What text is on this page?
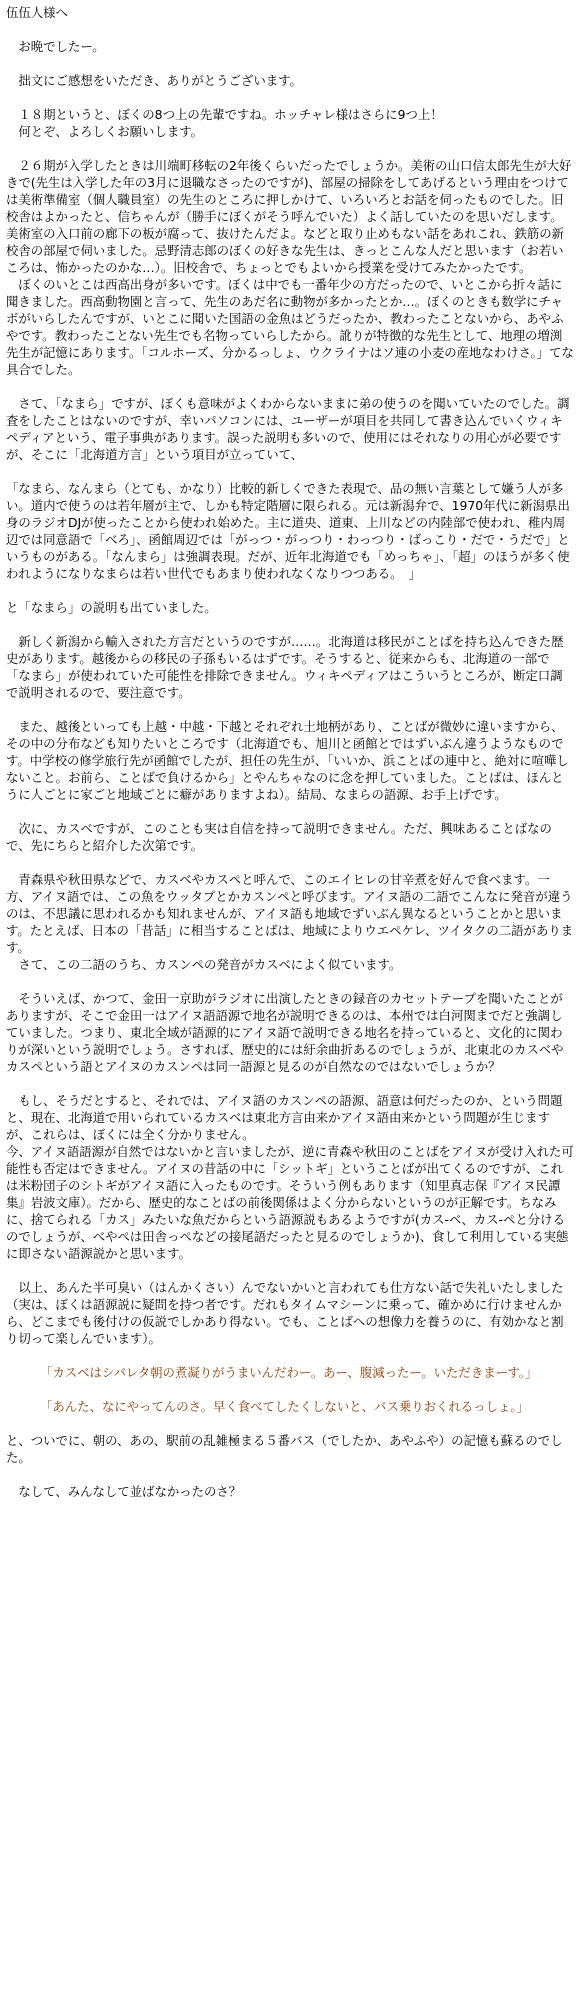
伍伍人様へ

　お晩でしたー。

　拙文にご感想をいただき、ありがとうございます。

　１８期というと、ぼくの8つ上の先輩ですね。ホッチャレ様はさらに9つ上！
　何とぞ、よろしくお願いします。

　２６期が入学したときは川端町移転の2年後くらいだったでしょうか。美術の山口信太郎先生が大好きで(先生は入学した年の3月に退職なさったのですが)、部屋の掃除をしてあげるという理由をつけては美術準備室（個人職員室）の先生のところに押しかけて、いろいろとお話を伺ったものでした。旧校舎はよかったと、信ちゃんが（勝手にぼくがそう呼んでいた）よく話していたのを思いだします。美術室の入口前の廊下の板が腐って、抜けたんだよ。などと取り止めもない話をあれこれ、鉄筋の新校舎の部屋で伺いました。忌野清志郎のぼくの好きな先生は、きっとこんな人だと思います（お若いころは、怖かったのかな…）。旧校舎で、ちょっとでもよいから授業を受けてみたかったです。

　ぼくのいとこは西高出身が多いです。ぼくは中でも一番年少の方だったので、いとこから折々話に聞きました。西高動物園と言って、先生のあだ名に動物が多かったとか…。ぼくのときも数学にチャボがいらしたんですが、いとこに聞いた国語の金魚はどうだったか、教わったことないから、あやふやです。教わったことない先生でも名物っていらしたから。訛りが特徴的な先生として、地理の増渕先生が記憶にあります。「コルホーズ、分かるっしょ、ウクライナはソ連の小麦の産地なわけさ。」てな具合でした。

　さて、「なまら」ですが、ぼくも意味がよくわからないままに弟の使うのを聞いていたのでした。調査をしたことはないのですが、幸いパソコンには、ユーザーが項目を共同して書き込んでいくウィキペディアという、電子事典があります。誤った説明も多いので、使用にはそれなりの用心が必要ですが、そこに「北海道方言」という項目が立っていて、

「なまら、なんまら（とても、かなり）比較的新しくできた表現で、品の無い言葉として嫌う人が多い。道内で使うのは若年層が主で、しかも特定階層に限られる。元は新潟弁で、1970年代に新潟県出身のラジオDJが使ったことから使われ始めた。主に道央、道東、上川などの内陸部で使われ、稚内周辺では同意語で「べろ」、函館周辺では「がっつ・がっつり・わっつり・ばっこり・だで・うだで」というものがある。「なんまら」は強調表現。だが、近年北海道でも「めっちゃ」、「超」のほうが多く使われようになりなまらは若い世代でもあまり使われなくなりつつある。　」

と「なまら」の説明も出ていました。

　新しく新潟から輸入された方言だというのですが……。北海道は移民がことばを持ち込んできた歴史があります。越後からの移民の子孫もいるはずです。そうすると、従来からも、北海道の一部で「なまら」が使われていた可能性を排除できません。ウィキペディアはこういうところが、断定口調で説明されるので、要注意です。

　また、越後といっても上越・中越・下越とそれぞれ土地柄があり、ことばが微妙に違いますから、その中の分布なども知りたいところです（北海道でも、旭川と函館とではずいぶん違うようなものです。中学校の修学旅行先が函館でしたが、担任の先生が、「いいか、浜ことばの連中と、絶対に喧嘩しないこと。お前ら、ことばで負けるから」とやんちゃなのに念を押していました。ことばは、ほんとうに人ごとに家ごと地域ごとに癖がありますよね）。結局、なまらの語源、お手上げです。

　次に、カスベですが、このことも実は自信を持って説明できません。ただ、興味あることばなので、先にちらと紹介した次第です。

　青森県や秋田県などで、カスベやカスペと呼んで、このエイヒレの甘辛煮を好んで食べます。一方、アイヌ語では、この魚をウッタプとかカスンペと呼びます。アイヌ語の二語でこんなに発音が違うのは、不思議に思われるかも知れませんが、アイヌ語も地域でずいぶん異なるということかと思います。たとえば、日本の「昔話」に相当することばは、地域によりウエペケレ、ツイタクの二語があります。

　さて、この二語のうち、カスンペの発音がカスベによく似ています。

　そういえば、かつて、金田一京助がラジオに出演したときの録音のカセットテープを聞いたことがありますが、そこで金田一はアイヌ語語源で地名が説明できるのは、本州では白河関までだと強調していました。つまり、東北全域が語源的にアイヌ語で説明できる地名を持っていると、文化的に関わりが深いという説明でしょう。さすれば、歴史的には紆余曲折あるのでしょうが、北東北のカスベやカスペという語とアイヌのカスンペは同一語源と見るのが自然なのではないでしょうか？

　もし、そうだとすると、それでは、アイヌ語のカスンペの語源、語意は何だったのか、という問題と、現在、北海道で用いられているカスベは東北方言由来かアイヌ語由来かという問題が生じますが、これらは、ぼくには全く分かりません。

今、アイヌ語語源が自然ではないかと言いましたが、逆に青森や秋田のことばをアイヌが受け入れた可能性も否定はできません。アイヌの昔話の中に「シットギ」ということばが出てくるのですが、これは米粉団子のシトギがアイヌ語に入ったものです。そういう例もあります（知里真志保『アイヌ民譚集』岩波文庫）。だから、歴史的なことばの前後関係はよく分からないというのが正解です。ちなみに、捨てられる「カス」みたいな魚だからという語源説もあるようですが(カス-ベ、カス-ペと分けるのでしょうが、べやぺは田舎っぺなどの接尾語だったと見るのでしょうか)、食して利用している実態に即さない語源説かと思います。

　以上、あんた半可臭い（はんかくさい）んでないかいと言われても仕方ない話で失礼いたしました（実は、ぼくは語源説に疑問を持つ者です。だれもタイムマシーンに乗って、確かめに行けませんから、どこまでも後付けの仮説でしかあり得ない。でも、ことばへの想像力を養うのに、有効かなと割り切って楽しんでいます）。

「カスベはシバレタ朝の煮凝りがうまいんだわー。あー、腹減ったー。いただきまーす。」

「あんた、なにやってんのさ。早く食べてしたくしないと、バス乗りおくれるっしょ。」

と、ついでに、朝の、あの、駅前の乱雑極まる５番バス（でしたか、あやふや）の記憶も蘇るのでした。

　なして、みんなして並ばなかったのさ？
